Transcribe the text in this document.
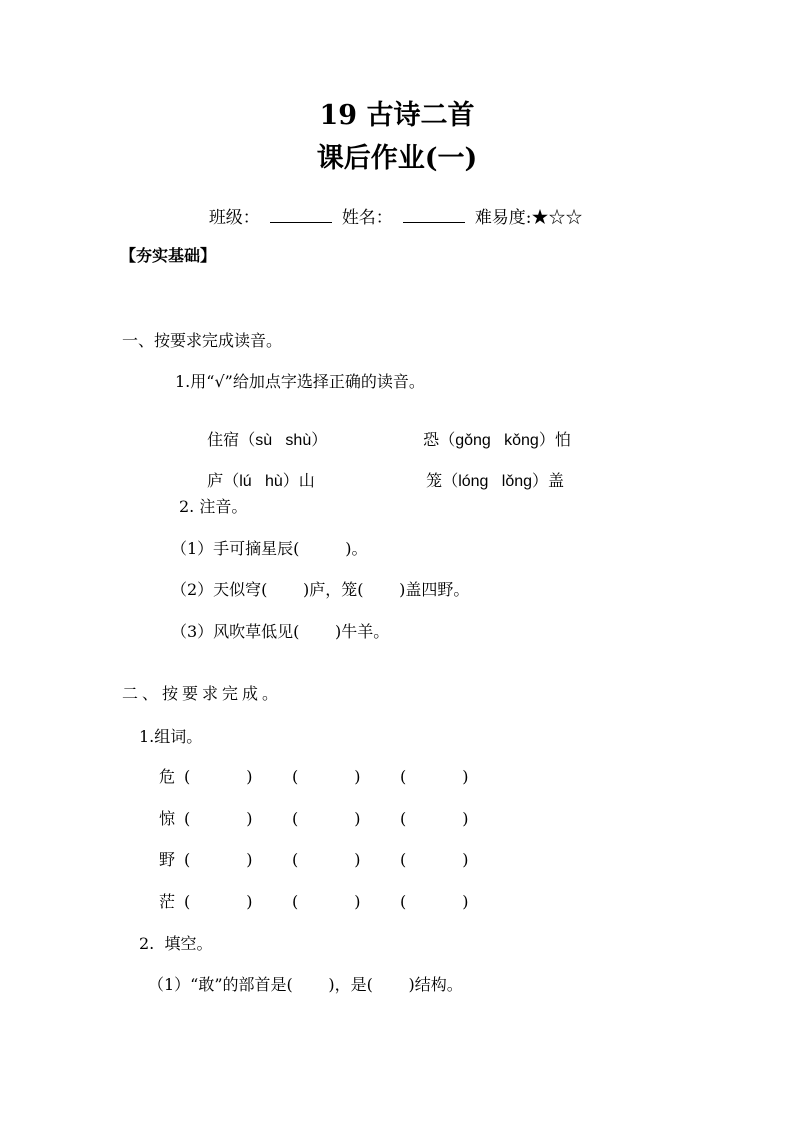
19 古诗二首
课后作业(一)

班级：	姓名：	难易度:★☆☆

【夯实基础】
一、按要求完成读音。
1.用“√”给加点字选择正确的读音。

住宿（sù   shù）	恐（gǒng   kǒng）怕

庐（lú   hù）山	笼（lóng   lǒng）盖

2. 注音。
（1）手可摘星辰(         )。
（2）天似穹(       )庐，笼(       )盖四野。
（3）风吹草低见(       )牛羊。
二、按要求完成。
1.组词。
危 (           ) (           ) (           )
惊 (           ) (           ) (           )
野 (           ) (           ) (           )
茫 (           ) (           ) (           )
2.  填空。
（1）“敢”的部首是(       )，是(       )结构。
